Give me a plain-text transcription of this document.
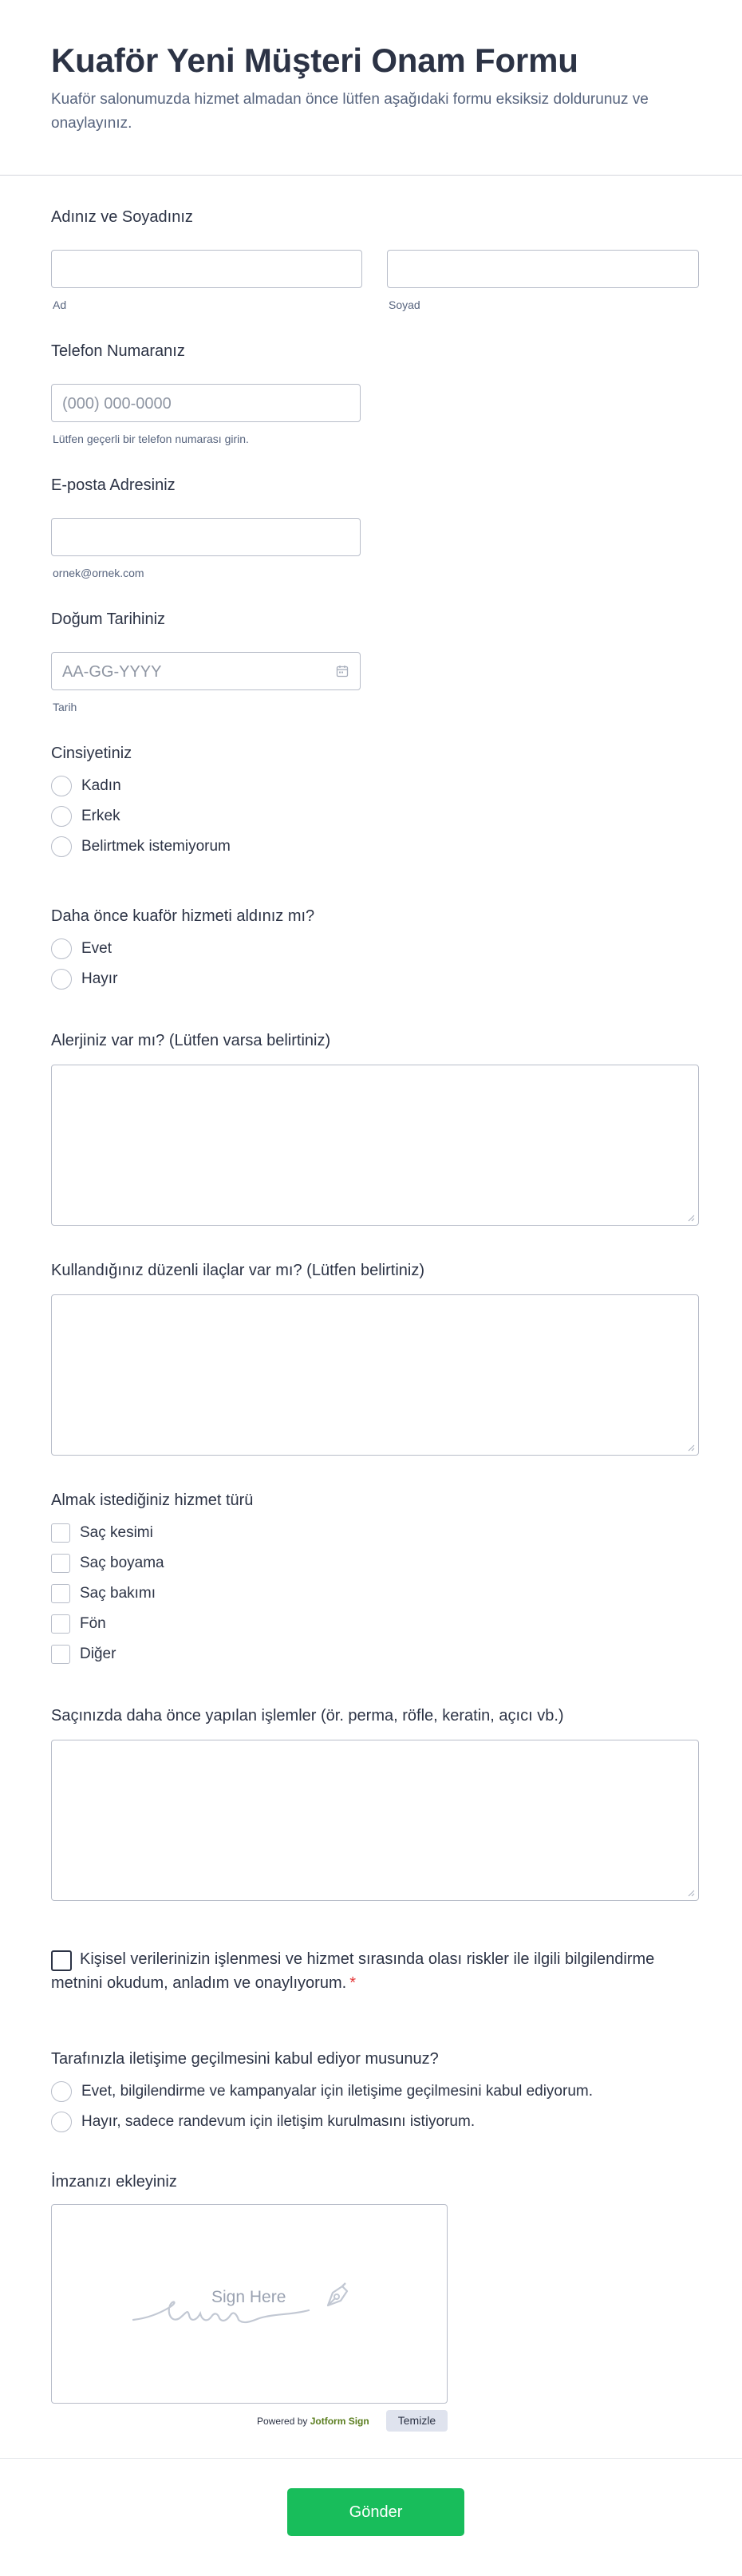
Kuaför Yeni Müşteri Onam Formu

Kuaför salonumuzda hizmet almadan önce lütfen aşağıdaki formu eksiksiz doldurunuz ve onaylayınız.

Adınız ve Soyadınız
Ad	Soyad
Telefon Numaranız
(000) 000-0000
Lütfen geçerli bir telefon numarası girin.
E-posta Adresiniz
ornek@ornek.com
Doğum Tarihiniz
AA-GG-YYYY
Tarih
Cinsiyetiniz
Kadın
Erkek
Belirtmek istemiyorum
Daha önce kuaför hizmeti aldınız mı?
Evet
Hayır
Alerjiniz var mı? (Lütfen varsa belirtiniz)
Kullandığınız düzenli ilaçlar var mı? (Lütfen belirtiniz)
Almak istediğiniz hizmet türü
Saç kesimi
Saç boyama
Saç bakımı
Fön
Diğer
Saçınızda daha önce yapılan işlemler (ör. perma, röfle, keratin, açıcı vb.)
Kişisel verilerinizin işlenmesi ve hizmet sırasında olası riskler ile ilgili bilgilendirme metnini okudum, anladım ve onaylıyorum. *
Tarafınızla iletişime geçilmesini kabul ediyor musunuz?
Evet, bilgilendirme ve kampanyalar için iletişime geçilmesini kabul ediyorum.
Hayır, sadece randevum için iletişim kurulmasını istiyorum.
İmzanızı ekleyiniz
Sign Here
Powered by Jotform Sign	Temizle
Gönder
